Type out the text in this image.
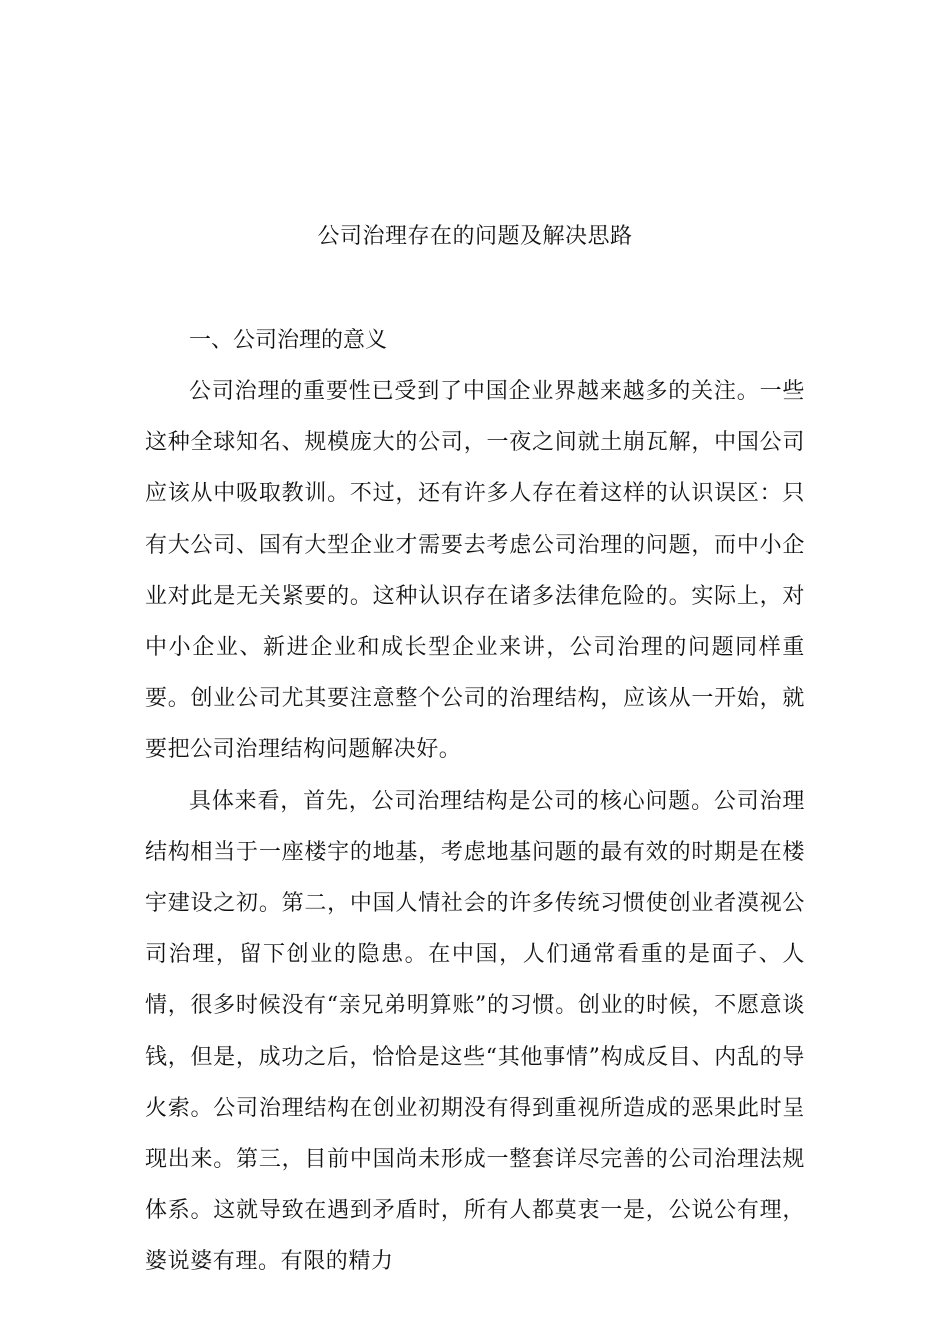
公司治理存在的问题及解决思路

一、公司治理的意义

公司治理的重要性已受到了中国企业界越来越多的关注。一些这种全球知名、规模庞大的公司，一夜之间就土崩瓦解，中国公司应该从中吸取教训。不过，还有许多人存在着这样的认识误区：只有大公司、国有大型企业才需要去考虑公司治理的问题，而中小企业对此是无关紧要的。这种认识存在诸多法律危险的。实际上，对中小企业、新进企业和成长型企业来讲，公司治理的问题同样重要。创业公司尤其要注意整个公司的治理结构，应该从一开始，就要把公司治理结构问题解决好。

具体来看，首先，公司治理结构是公司的核心问题。公司治理结构相当于一座楼宇的地基，考虑地基问题的最有效的时期是在楼宇建设之初。第二，中国人情社会的许多传统习惯使创业者漠视公司治理，留下创业的隐患。在中国，人们通常看重的是面子、人情，很多时候没有“亲兄弟明算账”的习惯。创业的时候，不愿意谈钱，但是，成功之后，恰恰是这些“其他事情”构成反目、内乱的导火索。公司治理结构在创业初期没有得到重视所造成的恶果此时呈现出来。第三，目前中国尚未形成一整套详尽完善的公司治理法规体系。这就导致在遇到矛盾时，所有人都莫衷一是，公说公有理，婆说婆有理。有限的精力
